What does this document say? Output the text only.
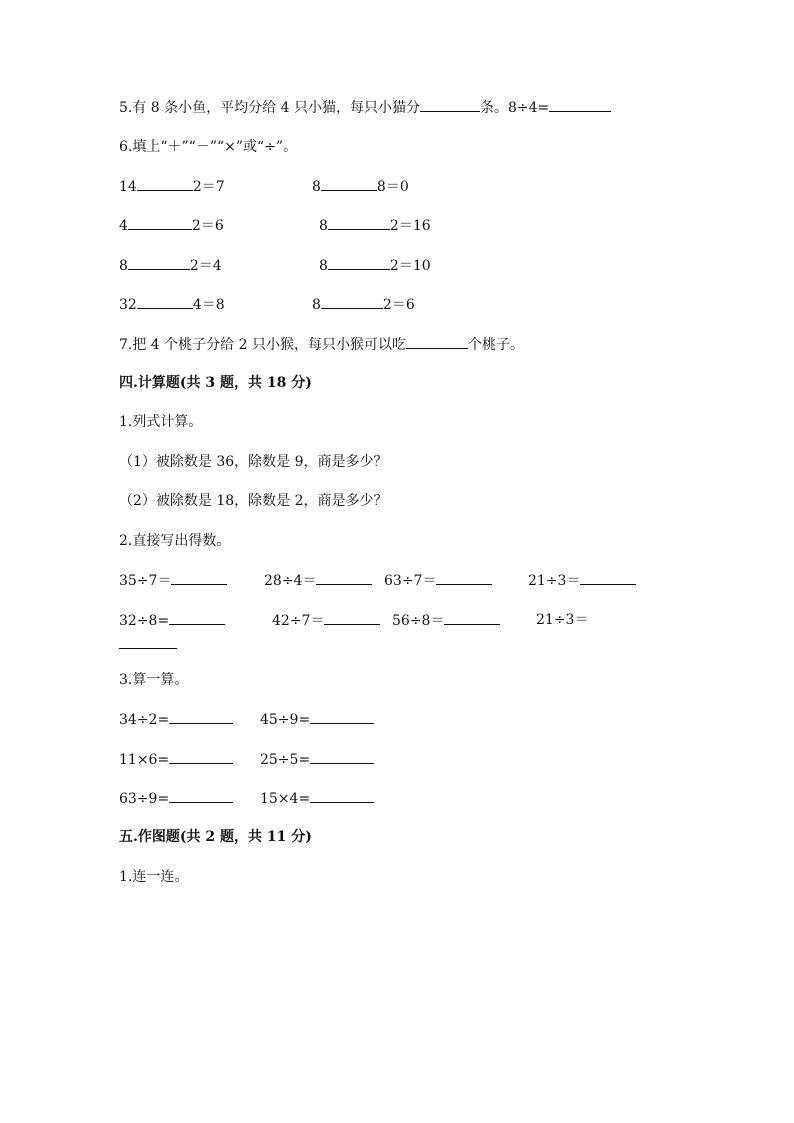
5.有 8 条小鱼，平均分给 4 只小猫，每只小猫分	条。8÷4=
6.填上“＋”“－”“×”或“÷”。
14	2＝7	8	8＝0
4	2＝6	8	2＝16
8	2＝4	8	2＝10
32	4＝8	8	2＝6
7.把 4 个桃子分给 2 只小猴，每只小猴可以吃	个桃子。
四.计算题(共 3 题，共 18 分)
1.列式计算。
（1）被除数是 36，除数是 9，商是多少？
（2）被除数是 18，除数是 2，商是多少？
2.直接写出得数。
35÷7＝	28÷4＝	63÷7＝	21÷3＝
32÷8=	42÷7＝	56÷8＝	21÷3＝
3.算一算。
34÷2=	45÷9=
11×6=	25÷5=
63÷9=	15×4=
五.作图题(共 2 题，共 11 分)
1.连一连。
